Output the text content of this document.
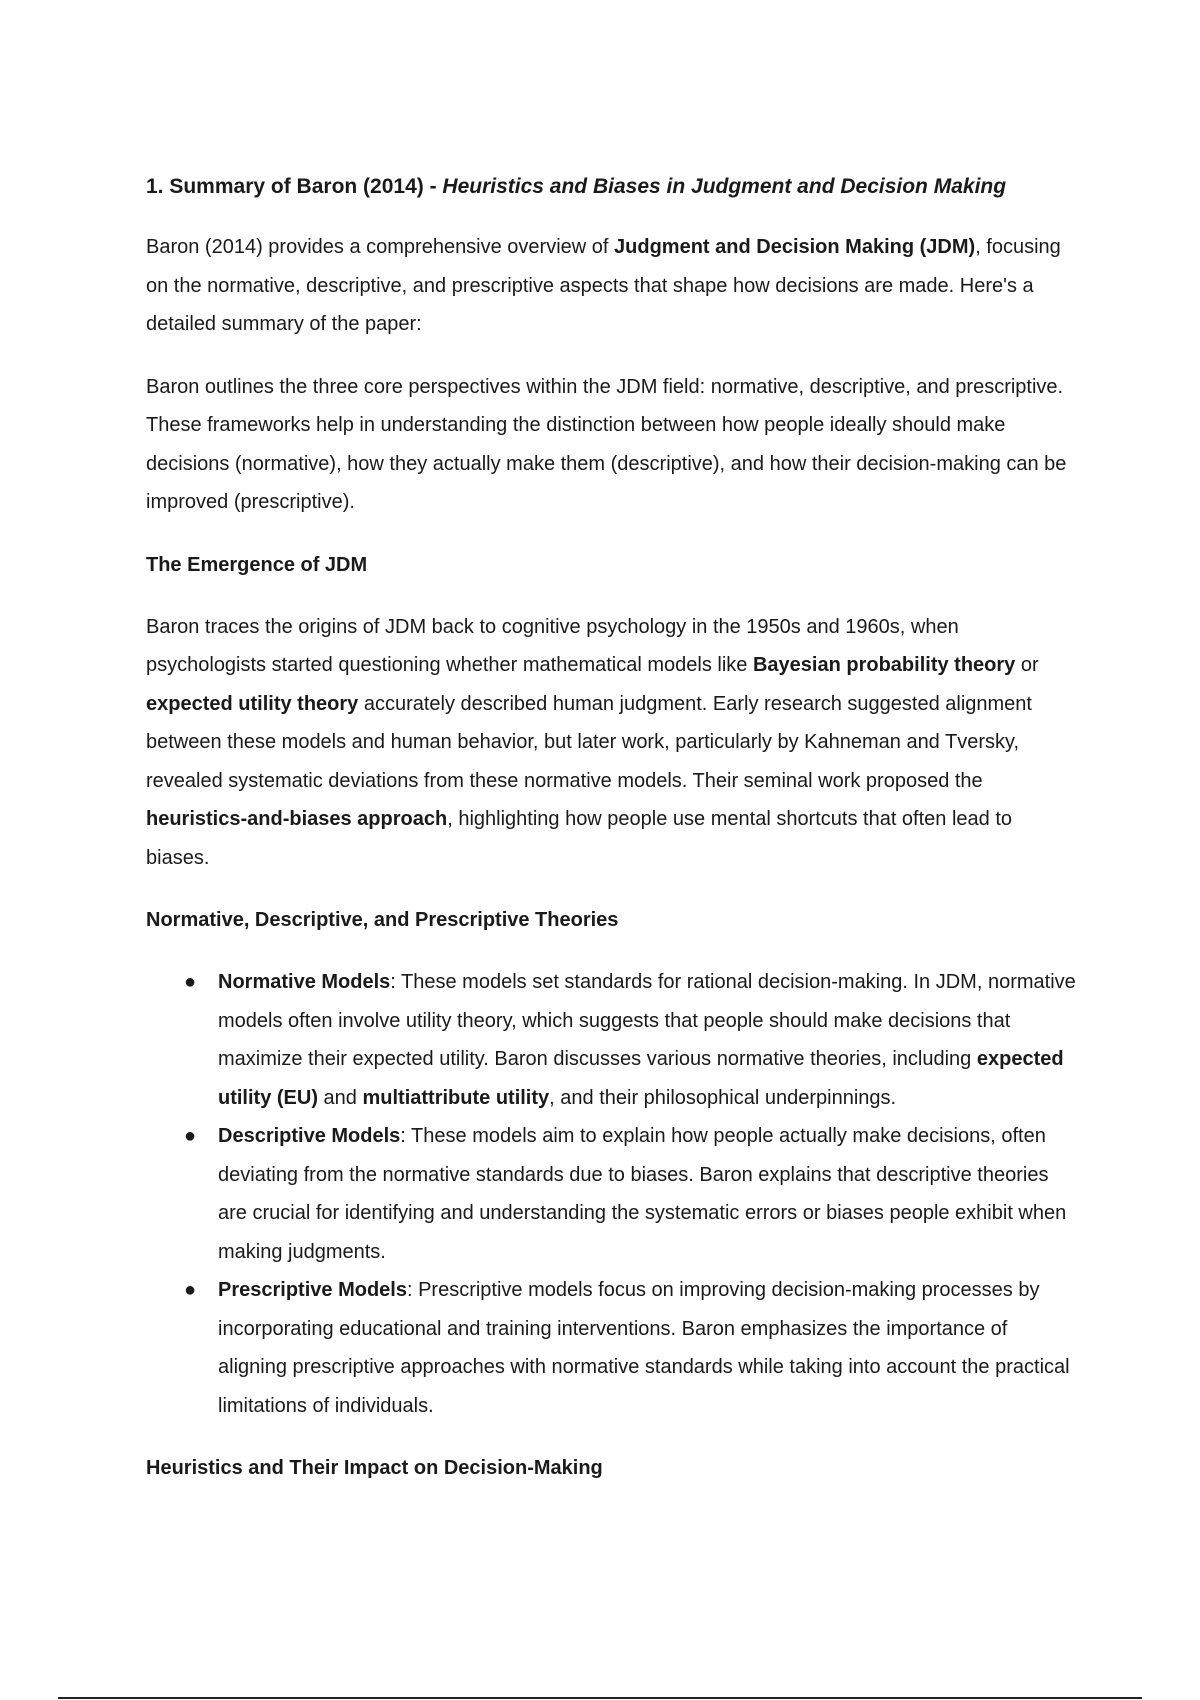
1. Summary of Baron (2014) - Heuristics and Biases in Judgment and Decision Making

Baron (2014) provides a comprehensive overview of Judgment and Decision Making (JDM), focusing on the normative, descriptive, and prescriptive aspects that shape how decisions are made. Here's a detailed summary of the paper:

Baron outlines the three core perspectives within the JDM field: normative, descriptive, and prescriptive. These frameworks help in understanding the distinction between how people ideally should make decisions (normative), how they actually make them (descriptive), and how their decision-making can be improved (prescriptive).

The Emergence of JDM

Baron traces the origins of JDM back to cognitive psychology in the 1950s and 1960s, when psychologists started questioning whether mathematical models like Bayesian probability theory or expected utility theory accurately described human judgment. Early research suggested alignment between these models and human behavior, but later work, particularly by Kahneman and Tversky, revealed systematic deviations from these normative models. Their seminal work proposed the heuristics-and-biases approach, highlighting how people use mental shortcuts that often lead to biases.

Normative, Descriptive, and Prescriptive Theories
● Normative Models: These models set standards for rational decision-making. In JDM, normative models often involve utility theory, which suggests that people should make decisions that maximize their expected utility. Baron discusses various normative theories, including expected utility (EU) and multiattribute utility, and their philosophical underpinnings.
● Descriptive Models: These models aim to explain how people actually make decisions, often deviating from the normative standards due to biases. Baron explains that descriptive theories are crucial for identifying and understanding the systematic errors or biases people exhibit when making judgments.
● Prescriptive Models: Prescriptive models focus on improving decision-making processes by incorporating educational and training interventions. Baron emphasizes the importance of aligning prescriptive approaches with normative standards while taking into account the practical limitations of individuals.
Heuristics and Their Impact on Decision-Making
